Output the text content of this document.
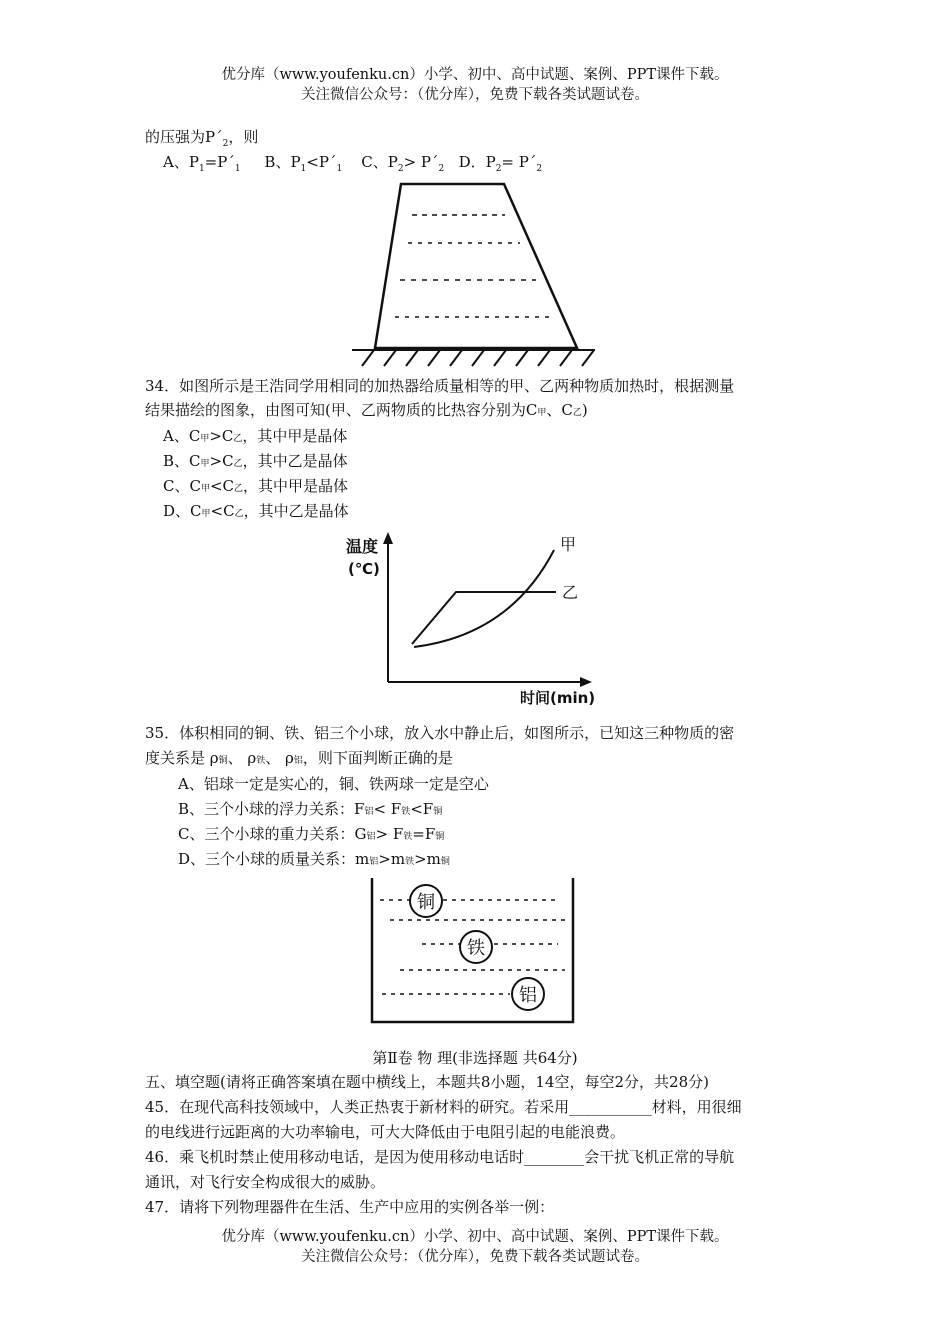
优分库（www.youfenku.cn）小学、初中、高中试题、案例、PPT课件下载。
关注微信公众号：（优分库），免费下载各类试题试卷。
的压强为$P´_2$，则
A、$P_1=P´_1$ B、$P_1<P´_1$ C、$P_2>$ $P´_2$ D．$P_2=$ $P´_2$
34．如图所示是王浩同学用相同的加热器给质量相等的甲、乙两种物质加热时，根据测量
结果描绘的图象，由图可知(甲、乙两物质的比热容分别为C甲、C乙)
A、C甲>C乙，其中甲是晶体
B、C甲>C乙，其中乙是晶体
C、C甲<C乙，其中甲是晶体
D、C甲<C乙，其中乙是晶体
温度
(℃)
时间(min)
甲
乙
35．体积相同的铜、铁、铝三个小球，放入水中静止后，如图所示，已知这三种物质的密
度关系是 ρ铜、 ρ铁、 ρ铝，则下面判断正确的是
A、铝球一定是实心的，铜、铁两球一定是空心
B、三个小球的浮力关系：F铝< F铁<F铜
C、三个小球的重力关系：G铝> F铁=F铜
D、三个小球的质量关系：m铝>m铁>m铜
铜
铁
铝
第Ⅱ卷 物 理(非选择题 共64分)
五、填空题(请将正确答案填在题中横线上，本题共8小题，14空，每空2分，共28分)
45．在现代高科技领域中，人类正热衷于新材料的研究。若采用___________材料，用很细
的电线进行远距离的大功率输电，可大大降低由于电阻引起的电能浪费。
46．乘飞机时禁止使用移动电话，是因为使用移动电话时________会干扰飞机正常的导航
通讯，对飞行安全构成很大的威胁。
47．请将下列物理器件在生活、生产中应用的实例各举一例：
优分库（www.youfenku.cn）小学、初中、高中试题、案例、PPT课件下载。
关注微信公众号：（优分库），免费下载各类试题试卷。
